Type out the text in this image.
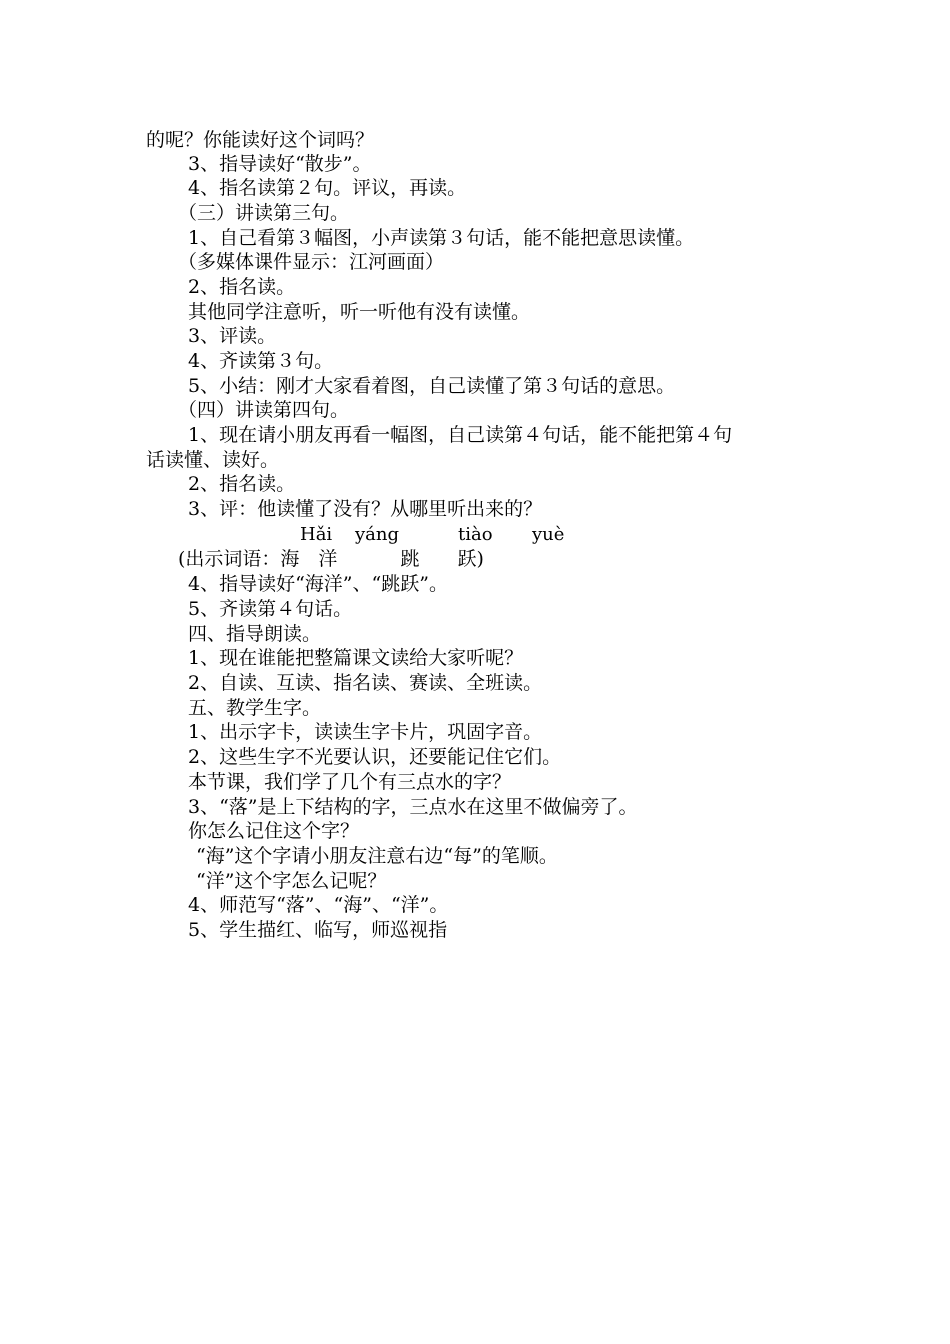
的呢？你能读好这个词吗？
3、指导读好“散步”。
4、指名读第２句。评议，再读。
（三）讲读第三句。
1、自己看第３幅图，小声读第３句话，能不能把意思读懂。
（多媒体课件显示：江河画面）
2、指名读。
其他同学注意听，听一听他有没有读懂。
3、评读。
4、齐读第３句。
5、小结：刚才大家看着图，自己读懂了第３句话的意思。
（四）讲读第四句。
1、现在请小朋友再看一幅图，自己读第４句话，能不能把第４句
话读懂、读好。
2、指名读。
3、评：他读懂了没有？从哪里听出来的？
Hǎi yáng	tiào yuè
(出示词语：海　洋　　　 跳　　跃)
4、指导读好“海洋”、“跳跃”。
5、齐读第４句话。
四、指导朗读。
1、现在谁能把整篇课文读给大家听呢？
2、自读、互读、指名读、赛读、全班读。
五、教学生字。
1、出示字卡，读读生字卡片，巩固字音。
2、这些生字不光要认识，还要能记住它们。
本节课，我们学了几个有三点水的字？
3、“落”是上下结构的字，三点水在这里不做偏旁了。
你怎么记住这个字？
“海”这个字请小朋友注意右边“每”的笔顺。
“洋”这个字怎么记呢？
4、师范写“落”、“海”、“洋”。
5、学生描红、临写，师巡视指
